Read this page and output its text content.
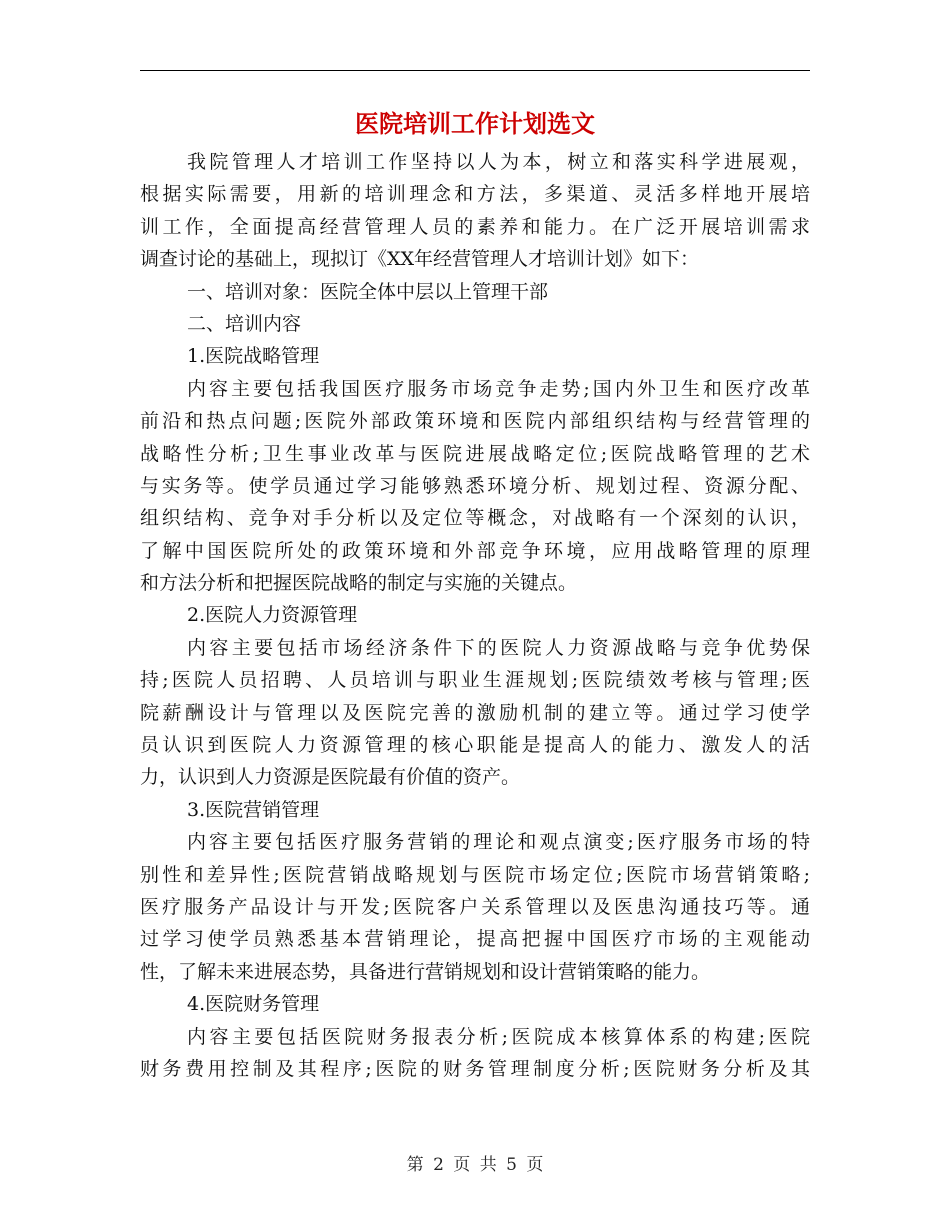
医院培训工作计划选文
我院管理人才培训工作坚持以人为本，树立和落实科学进展观，
根据实际需要，用新的培训理念和方法，多渠道、灵活多样地开展培
训工作，全面提高经营管理人员的素养和能力。在广泛开展培训需求
调查讨论的基础上，现拟订《XX年经营管理人才培训计划》如下：
一、培训对象：医院全体中层以上管理干部
二、培训内容
1.医院战略管理
内容主要包括我国医疗服务市场竞争走势;国内外卫生和医疗改革
前沿和热点问题;医院外部政策环境和医院内部组织结构与经营管理的
战略性分析;卫生事业改革与医院进展战略定位;医院战略管理的艺术
与实务等。使学员通过学习能够熟悉环境分析、规划过程、资源分配、
组织结构、竞争对手分析以及定位等概念，对战略有一个深刻的认识，
了解中国医院所处的政策环境和外部竞争环境，应用战略管理的原理
和方法分析和把握医院战略的制定与实施的关键点。
2.医院人力资源管理
内容主要包括市场经济条件下的医院人力资源战略与竞争优势保
持;医院人员招聘、人员培训与职业生涯规划;医院绩效考核与管理;医
院薪酬设计与管理以及医院完善的激励机制的建立等。通过学习使学
员认识到医院人力资源管理的核心职能是提高人的能力、激发人的活
力，认识到人力资源是医院最有价值的资产。
3.医院营销管理
内容主要包括医疗服务营销的理论和观点演变;医疗服务市场的特
别性和差异性;医院营销战略规划与医院市场定位;医院市场营销策略;
医疗服务产品设计与开发;医院客户关系管理以及医患沟通技巧等。通
过学习使学员熟悉基本营销理论，提高把握中国医疗市场的主观能动
性，了解未来进展态势，具备进行营销规划和设计营销策略的能力。
4.医院财务管理
内容主要包括医院财务报表分析;医院成本核算体系的构建;医院
财务费用控制及其程序;医院的财务管理制度分析;医院财务分析及其
第 2 页 共 5 页
